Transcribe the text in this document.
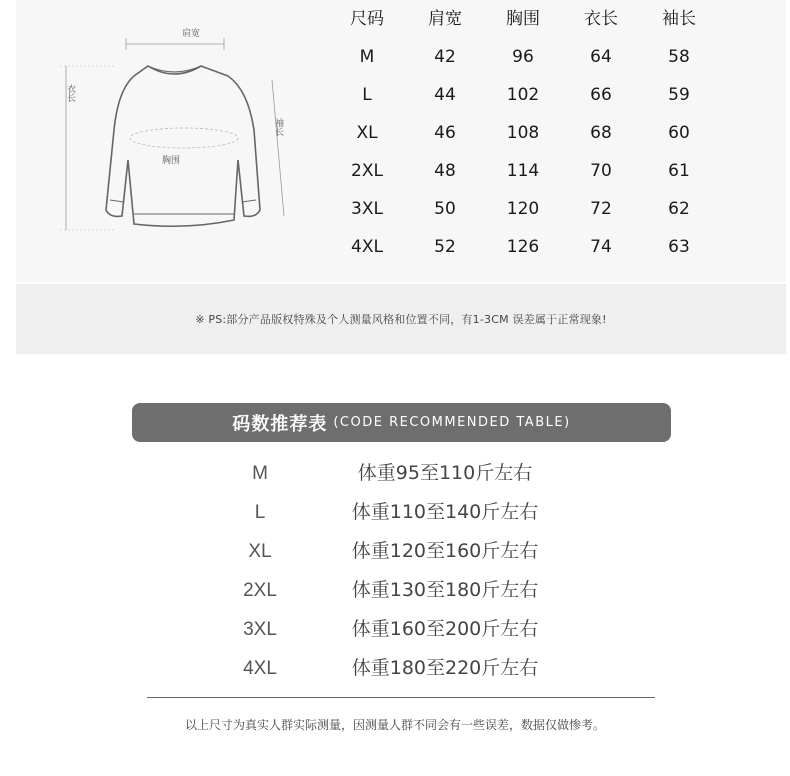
肩宽
衣长
袖长
胸围
尺码	肩宽	胸围	衣长	袖长
M	42	96	64	58
L	44	102	66	59
XL	46	108	68	60
2XL	48	114	70	61
3XL	50	120	72	62
4XL	52	126	74	63
※ PS:部分产品版权特殊及个人测量风格和位置不同，有1-3CM 误差属于正常现象!
码数推荐表 (CODE RECOMMENDED TABLE)
M	体重95至110斤左右
L	体重110至140斤左右
XL	体重120至160斤左右
2XL	体重130至180斤左右
3XL	体重160至200斤左右
4XL	体重180至220斤左右
以上尺寸为真实人群实际测量，因测量人群不同会有一些误差，数据仅做惨考。
